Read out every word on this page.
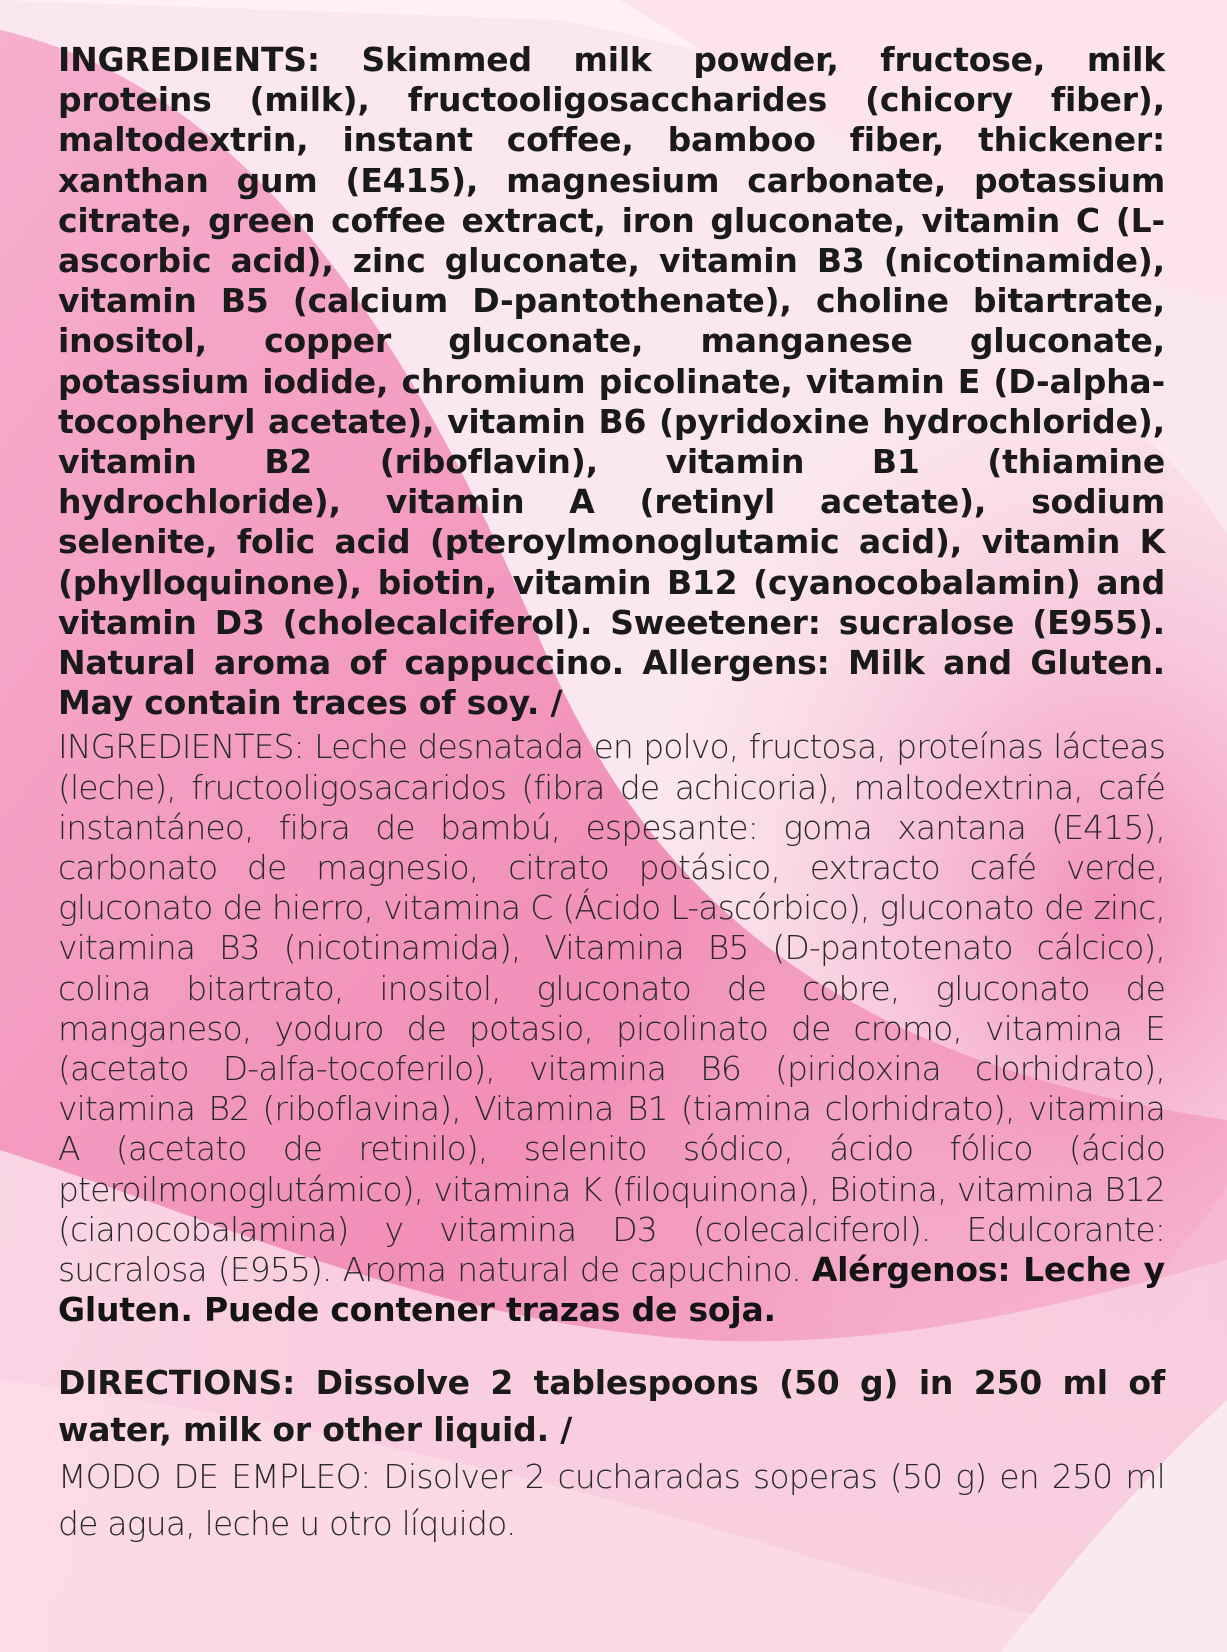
INGREDIENTS: Skimmed milk powder, fructose, milk proteins (milk), fructooligosaccharides (chicory fiber), maltodextrin, instant coffee, bamboo fiber, thickener: xanthan gum (E415), magnesium carbonate, potassium citrate, green coffee extract, iron gluconate, vitamin C (L-ascorbic acid), zinc gluconate, vitamin B3 (nicotinamide), vitamin B5 (calcium D-pantothenate), choline bitartrate, inositol, copper gluconate, manganese gluconate, potassium iodide, chromium picolinate, vitamin E (D-alpha-tocopheryl acetate), vitamin B6 (pyridoxine hydrochloride), vitamin B2 (riboflavin), vitamin B1 (thiamine hydrochloride), vitamin A (retinyl acetate), sodium selenite, folic acid (pteroylmonoglutamic acid), vitamin K (phylloquinone), biotin, vitamin B12 (cyanocobalamin) and vitamin D3 (cholecalciferol). Sweetener: sucralose (E955). Natural aroma of cappuccino. Allergens: Milk and Gluten. May contain traces of soy. /

INGREDIENTES: Leche desnatada en polvo, fructosa, proteínas lácteas (leche), fructooligosacaridos (fibra de achicoria), maltodextrina, café instantáneo, fibra de bambú, espesante: goma xantana (E415), carbonato de magnesio, citrato potásico, extracto café verde, gluconato de hierro, vitamina C (Ácido L-ascórbico), gluconato de zinc, vitamina B3 (nicotinamida), Vitamina B5 (D-pantotenato cálcico), colina bitartrato, inositol, gluconato de cobre, gluconato de manganeso, yoduro de potasio, picolinato de cromo, vitamina E (acetato D-alfa-tocoferilo), vitamina B6 (piridoxina clorhidrato), vitamina B2 (riboflavina), Vitamina B1 (tiamina clorhidrato), vitamina A (acetato de retinilo), selenito sódico, ácido fólico (ácido pteroilmonoglutámico), vitamina K (filoquinona), Biotina, vitamina B12 (cianocobalamina) y vitamina D3 (colecalciferol). Edulcorante: sucralosa (E955). Aroma natural de capuchino. Alérgenos: Leche y Gluten. Puede contener trazas de soja.

DIRECTIONS: Dissolve 2 tablespoons (50 g) in 250 ml of water, milk or other liquid. /

MODO DE EMPLEO: Disolver 2 cucharadas soperas (50 g) en 250 ml de agua, leche u otro líquido.
